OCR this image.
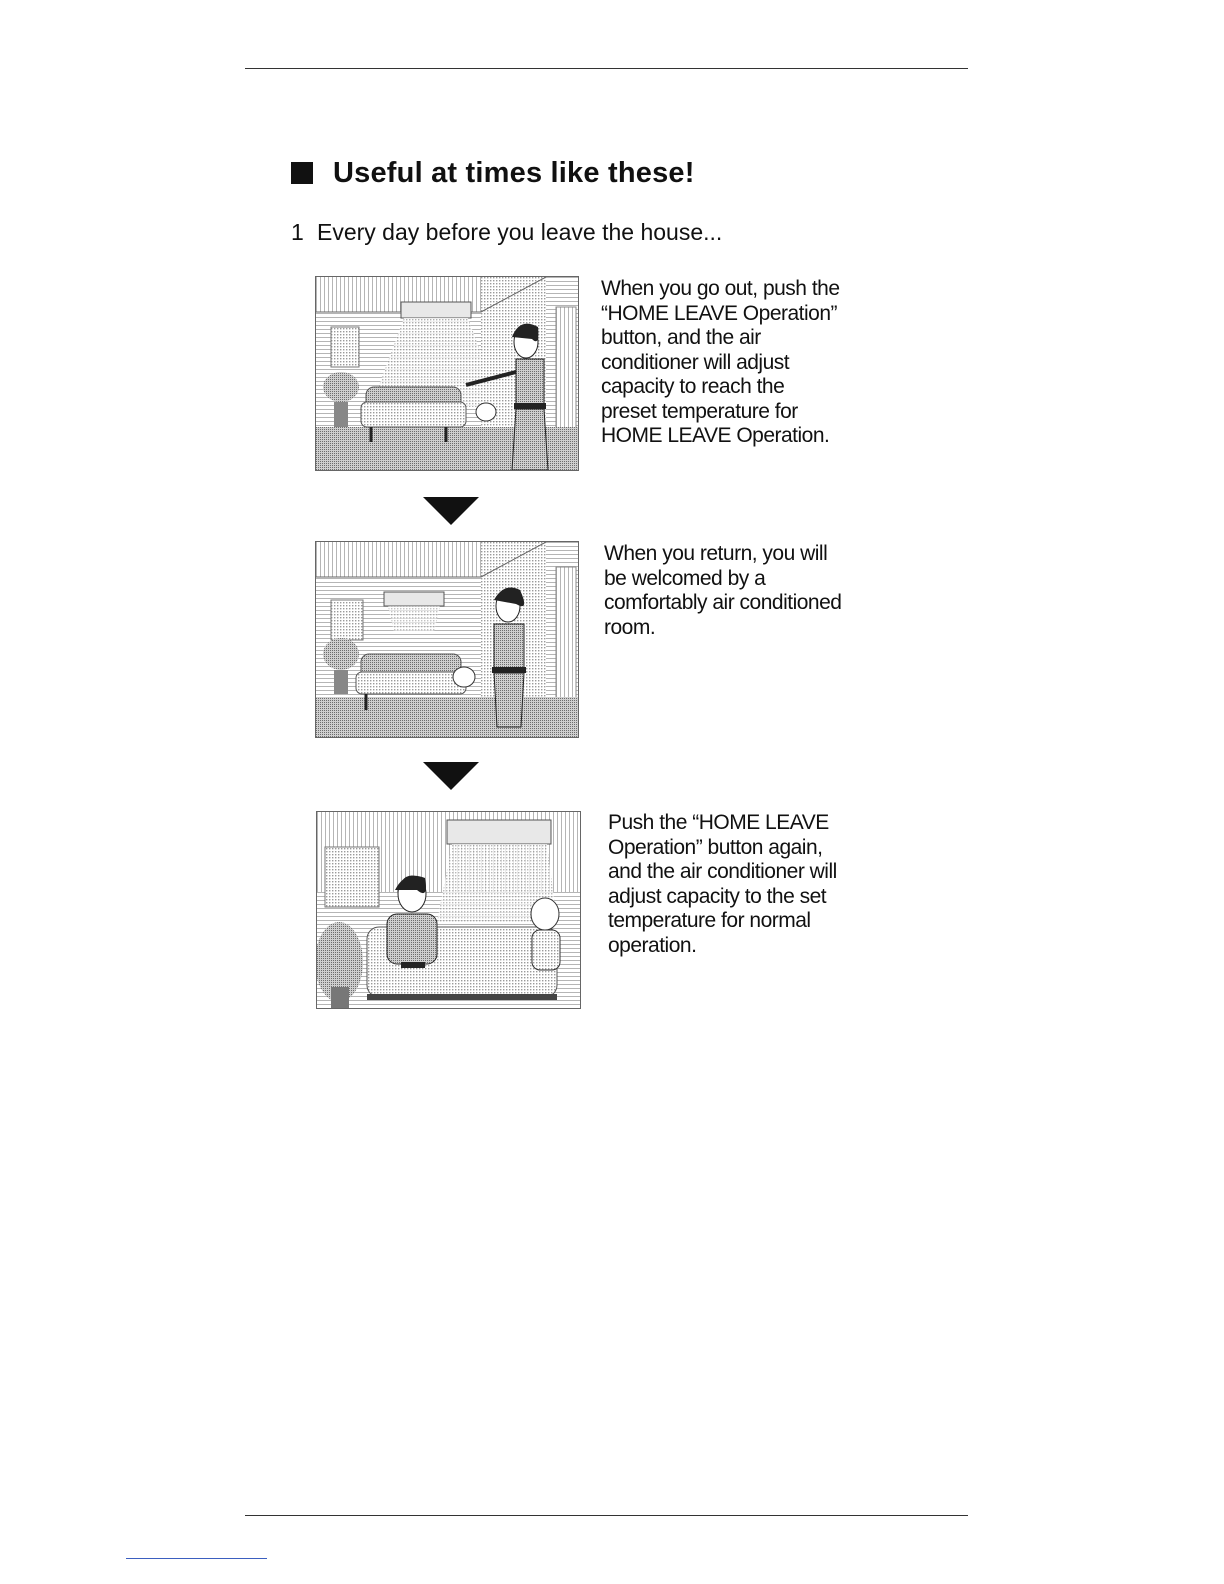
Useful at times like these!
1 Every day before you leave the house...
When you go out, push the
“HOME LEAVE Operation”
button, and the air
conditioner will adjust
capacity to reach the
preset temperature for
HOME LEAVE Operation.
When you return, you will
be welcomed by a
comfortably air conditioned
room.
Push the “HOME LEAVE
Operation” button again,
and the air conditioner will
adjust capacity to the set
temperature for normal
operation.
